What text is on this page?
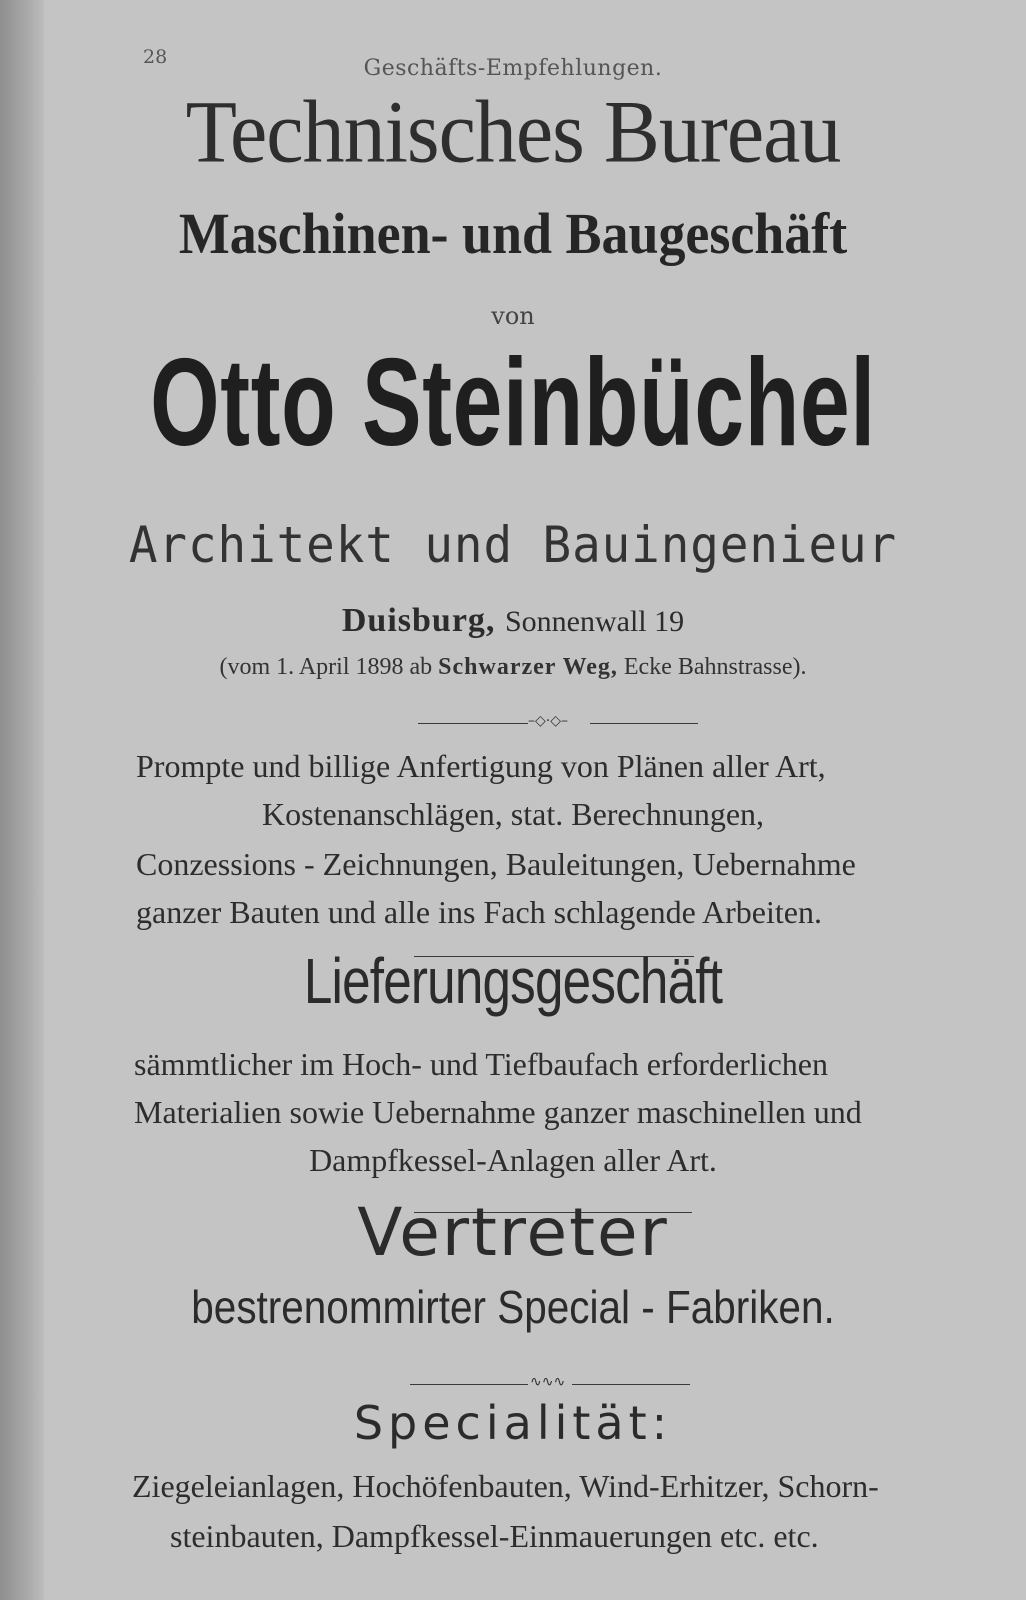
28	Geschäfts-Empfehlungen.
Technisches Bureau
Maschinen- und Baugeschäft
von
Otto Steinbüchel
Architekt und Bauingenieur
Duisburg, Sonnenwall 19
(vom 1. April 1898 ab Schwarzer Weg, Ecke Bahnstrasse).
–◇·◇–
Prompte und billige Anfertigung von Plänen aller Art,
Kostenanschlägen, stat. Berechnungen,
Conzessions - Zeichnungen, Bauleitungen, Uebernahme
ganzer Bauten und alle ins Fach schlagende Arbeiten.
Lieferungsgeschäft
sämmtlicher im Hoch- und Tiefbaufach erforderlichen
Materialien sowie Uebernahme ganzer maschinellen und
Dampfkessel-Anlagen aller Art.
Vertreter
bestrenommirter Special - Fabriken.
∿∿∿
Specialität:
Ziegeleianlagen, Hochöfenbauten, Wind-Erhitzer, Schorn-
steinbauten, Dampfkessel-Einmauerungen etc. etc.
